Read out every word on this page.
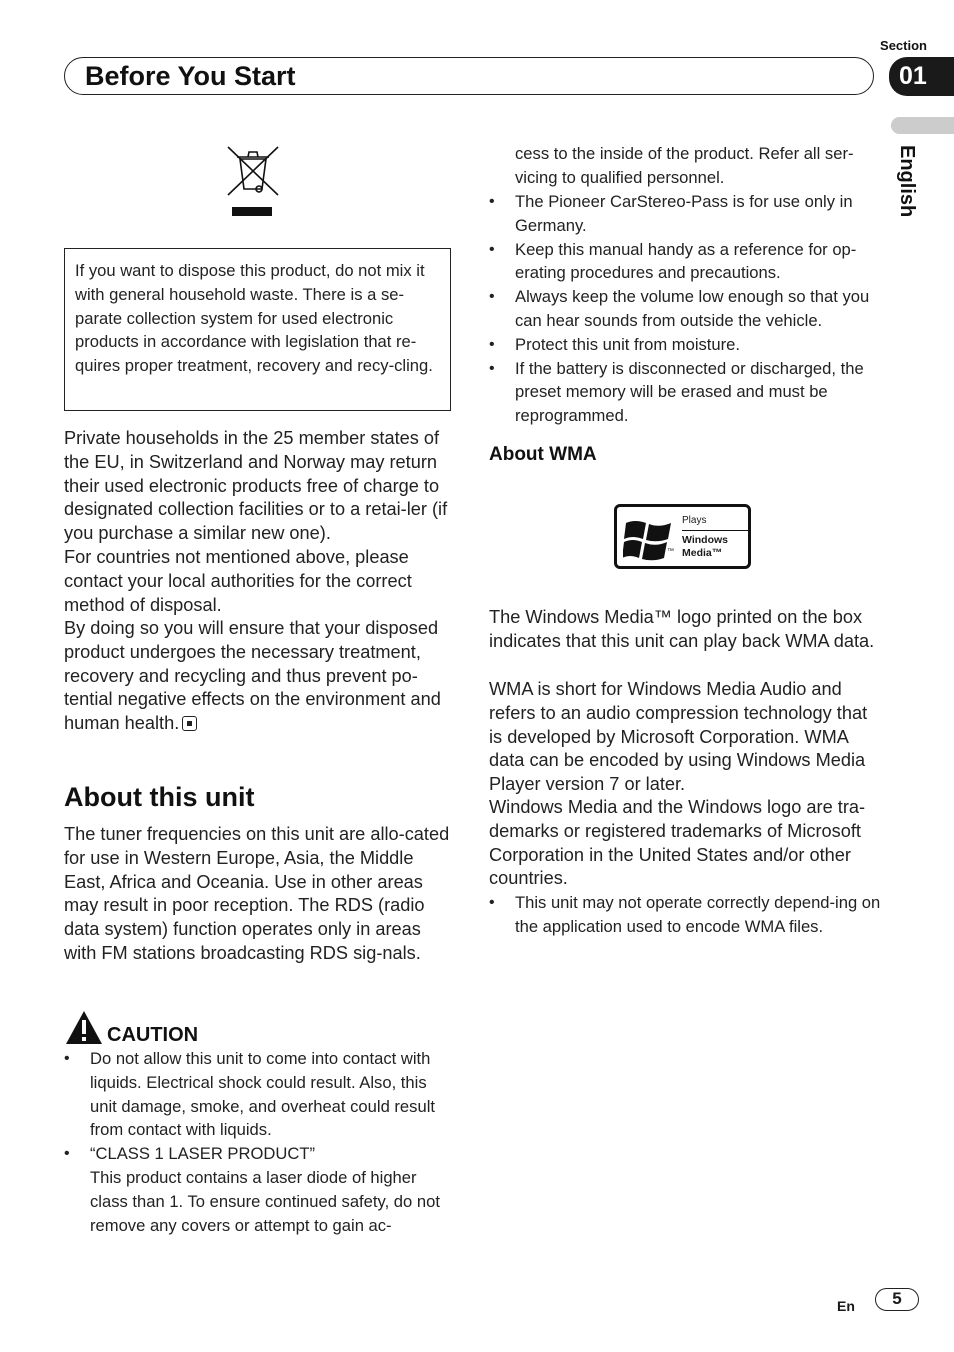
Section
Before You Start	01
English
If you want to dispose this product, do not mix it with general household waste. There is a se-parate collection system for used electronic products in accordance with legislation that re-quires proper treatment, recovery and recy-cling.
Private households in the 25 member states of the EU, in Switzerland and Norway may return their used electronic products free of charge to designated collection facilities or to a retai-ler (if you purchase a similar new one).
For countries not mentioned above, please contact your local authorities for the correct method of disposal.
By doing so you will ensure that your disposed product undergoes the necessary treatment, recovery and recycling and thus prevent po-tential negative effects on the environment and human health.
About this unit
The tuner frequencies on this unit are allo-cated for use in Western Europe, Asia, the Middle East, Africa and Oceania. Use in other areas may result in poor reception. The RDS (radio data system) function operates only in areas with FM stations broadcasting RDS sig-nals.
CAUTION
• Do not allow this unit to come into contact with liquids. Electrical shock could result. Also, this unit damage, smoke, and overheat could result from contact with liquids.
• “CLASS 1 LASER PRODUCT”
This product contains a laser diode of higher class than 1. To ensure continued safety, do not remove any covers or attempt to gain ac-
cess to the inside of the product. Refer all ser-vicing to qualified personnel.
• The Pioneer CarStereo-Pass is for use only in Germany.
• Keep this manual handy as a reference for op-erating procedures and precautions.
• Always keep the volume low enough so that you can hear sounds from outside the vehicle.
• Protect this unit from moisture.
• If the battery is disconnected or discharged, the preset memory will be erased and must be reprogrammed.
About WMA
™
Plays
Windows
Media™
The Windows Media™ logo printed on the box indicates that this unit can play back WMA data.
WMA is short for Windows Media Audio and refers to an audio compression technology that is developed by Microsoft Corporation. WMA data can be encoded by using Windows Media Player version 7 or later.
Windows Media and the Windows logo are tra-demarks or registered trademarks of Microsoft Corporation in the United States and/or other countries.
• This unit may not operate correctly depend-ing on the application used to encode WMA files.
En	5
